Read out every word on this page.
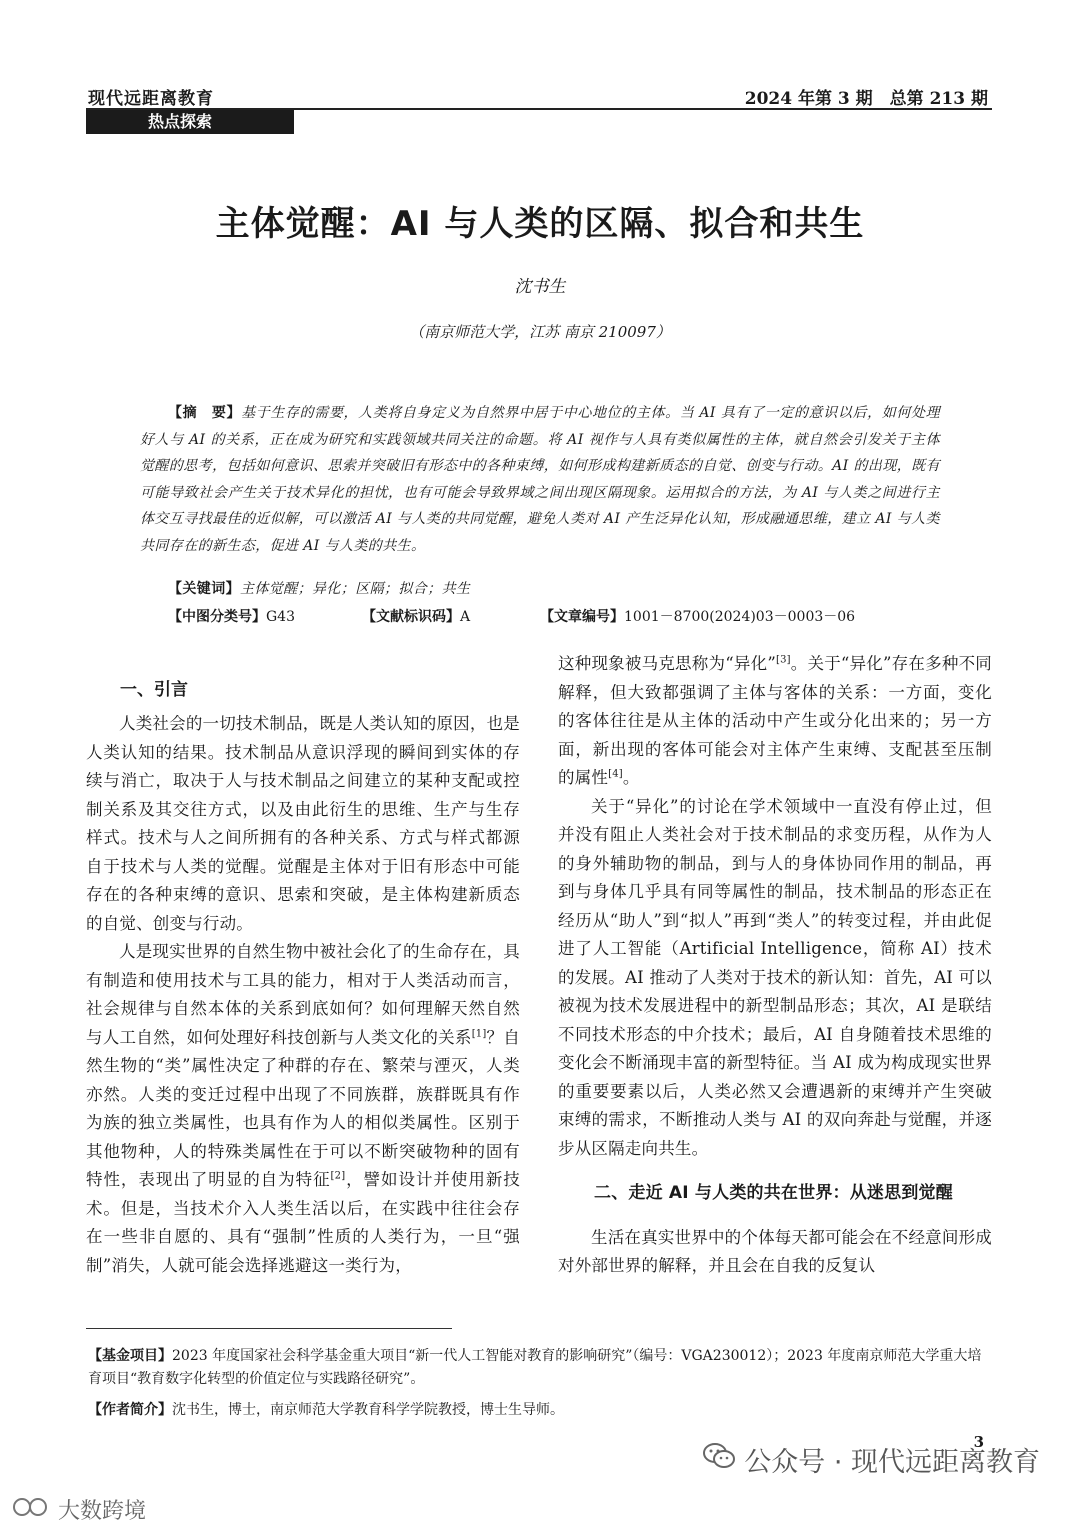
现代远距离教育	2024 年第 3 期　总第 213 期
热点探索
主体觉醒：AI 与人类的区隔、拟合和共生
沈书生
（南京师范大学，江苏 南京 210097）
【摘　要】基于生存的需要，人类将自身定义为自然界中居于中心地位的主体。当 AI 具有了一定的意识以后，如何处理好人与 AI 的关系，正在成为研究和实践领域共同关注的命题。将 AI 视作与人具有类似属性的主体，就自然会引发关于主体觉醒的思考，包括如何意识、思索并突破旧有形态中的各种束缚，如何形成构建新质态的自觉、创变与行动。AI 的出现，既有可能导致社会产生关于技术异化的担忧，也有可能会导致界域之间出现区隔现象。运用拟合的方法，为 AI 与人类之间进行主体交互寻找最佳的近似解，可以激活 AI 与人类的共同觉醒，避免人类对 AI 产生泛异化认知，形成融通思维，建立 AI 与人类共同存在的新生态，促进 AI 与人类的共生。
【关键词】主体觉醒；异化；区隔；拟合；共生
【中图分类号】G43	【文献标识码】A	【文章编号】1001－8700(2024)03－0003－06
一、引言

人类社会的一切技术制品，既是人类认知的原因，也是人类认知的结果。技术制品从意识浮现的瞬间到实体的存续与消亡，取决于人与技术制品之间建立的某种支配或控制关系及其交往方式，以及由此衍生的思维、生产与生存样式。技术与人之间所拥有的各种关系、方式与样式都源自于技术与人类的觉醒。觉醒是主体对于旧有形态中可能存在的各种束缚的意识、思索和突破，是主体构建新质态的自觉、创变与行动。

人是现实世界的自然生物中被社会化了的生命存在，具有制造和使用技术与工具的能力，相对于人类活动而言，社会规律与自然本体的关系到底如何？如何理解天然自然与人工自然，如何处理好科技创新与人类文化的关系[1]？自然生物的“类”属性决定了种群的存在、繁荣与湮灭，人类亦然。人类的变迁过程中出现了不同族群，族群既具有作为族的独立类属性，也具有作为人的相似类属性。区别于其他物种，人的特殊类属性在于可以不断突破物种的固有特性，表现出了明显的自为特征[2]，譬如设计并使用新技术。但是，当技术介入人类生活以后，在实践中往往会存在一些非自愿的、具有“强制”性质的人类行为，一旦“强制”消失，人就可能会选择逃避这一类行为，

这种现象被马克思称为“异化”[3]。关于“异化”存在多种不同解释，但大致都强调了主体与客体的关系：一方面，变化的客体往往是从主体的活动中产生或分化出来的；另一方面，新出现的客体可能会对主体产生束缚、支配甚至压制的属性[4]。

关于“异化”的讨论在学术领域中一直没有停止过，但并没有阻止人类社会对于技术制品的求变历程，从作为人的身外辅助物的制品，到与人的身体协同作用的制品，再到与身体几乎具有同等属性的制品，技术制品的形态正在经历从“助人”到“拟人”再到“类人”的转变过程，并由此促进了人工智能（Artificial Intelligence，简称 AI）技术的发展。AI 推动了人类对于技术的新认知：首先，AI 可以被视为技术发展进程中的新型制品形态；其次，AI 是联结不同技术形态的中介技术；最后，AI 自身随着技术思维的变化会不断涌现丰富的新型特征。当 AI 成为构成现实世界的重要要素以后，人类必然又会遭遇新的束缚并产生突破束缚的需求，不断推动人类与 AI 的双向奔赴与觉醒，并逐步从区隔走向共生。

二、走近 AI 与人类的共在世界：从迷思到觉醒

生活在真实世界中的个体每天都可能会在不经意间形成对外部世界的解释，并且会在自我的反复认

【基金项目】2023 年度国家社会科学基金重大项目“新一代人工智能对教育的影响研究”（编号：VGA230012）；2023 年度南京师范大学重大培育项目“教育数字化转型的价值定位与实践路径研究”。
【作者简介】沈书生，博士，南京师范大学教育科学学院教授，博士生导师。
3
公众号 · 现代远距离教育
大数跨境
